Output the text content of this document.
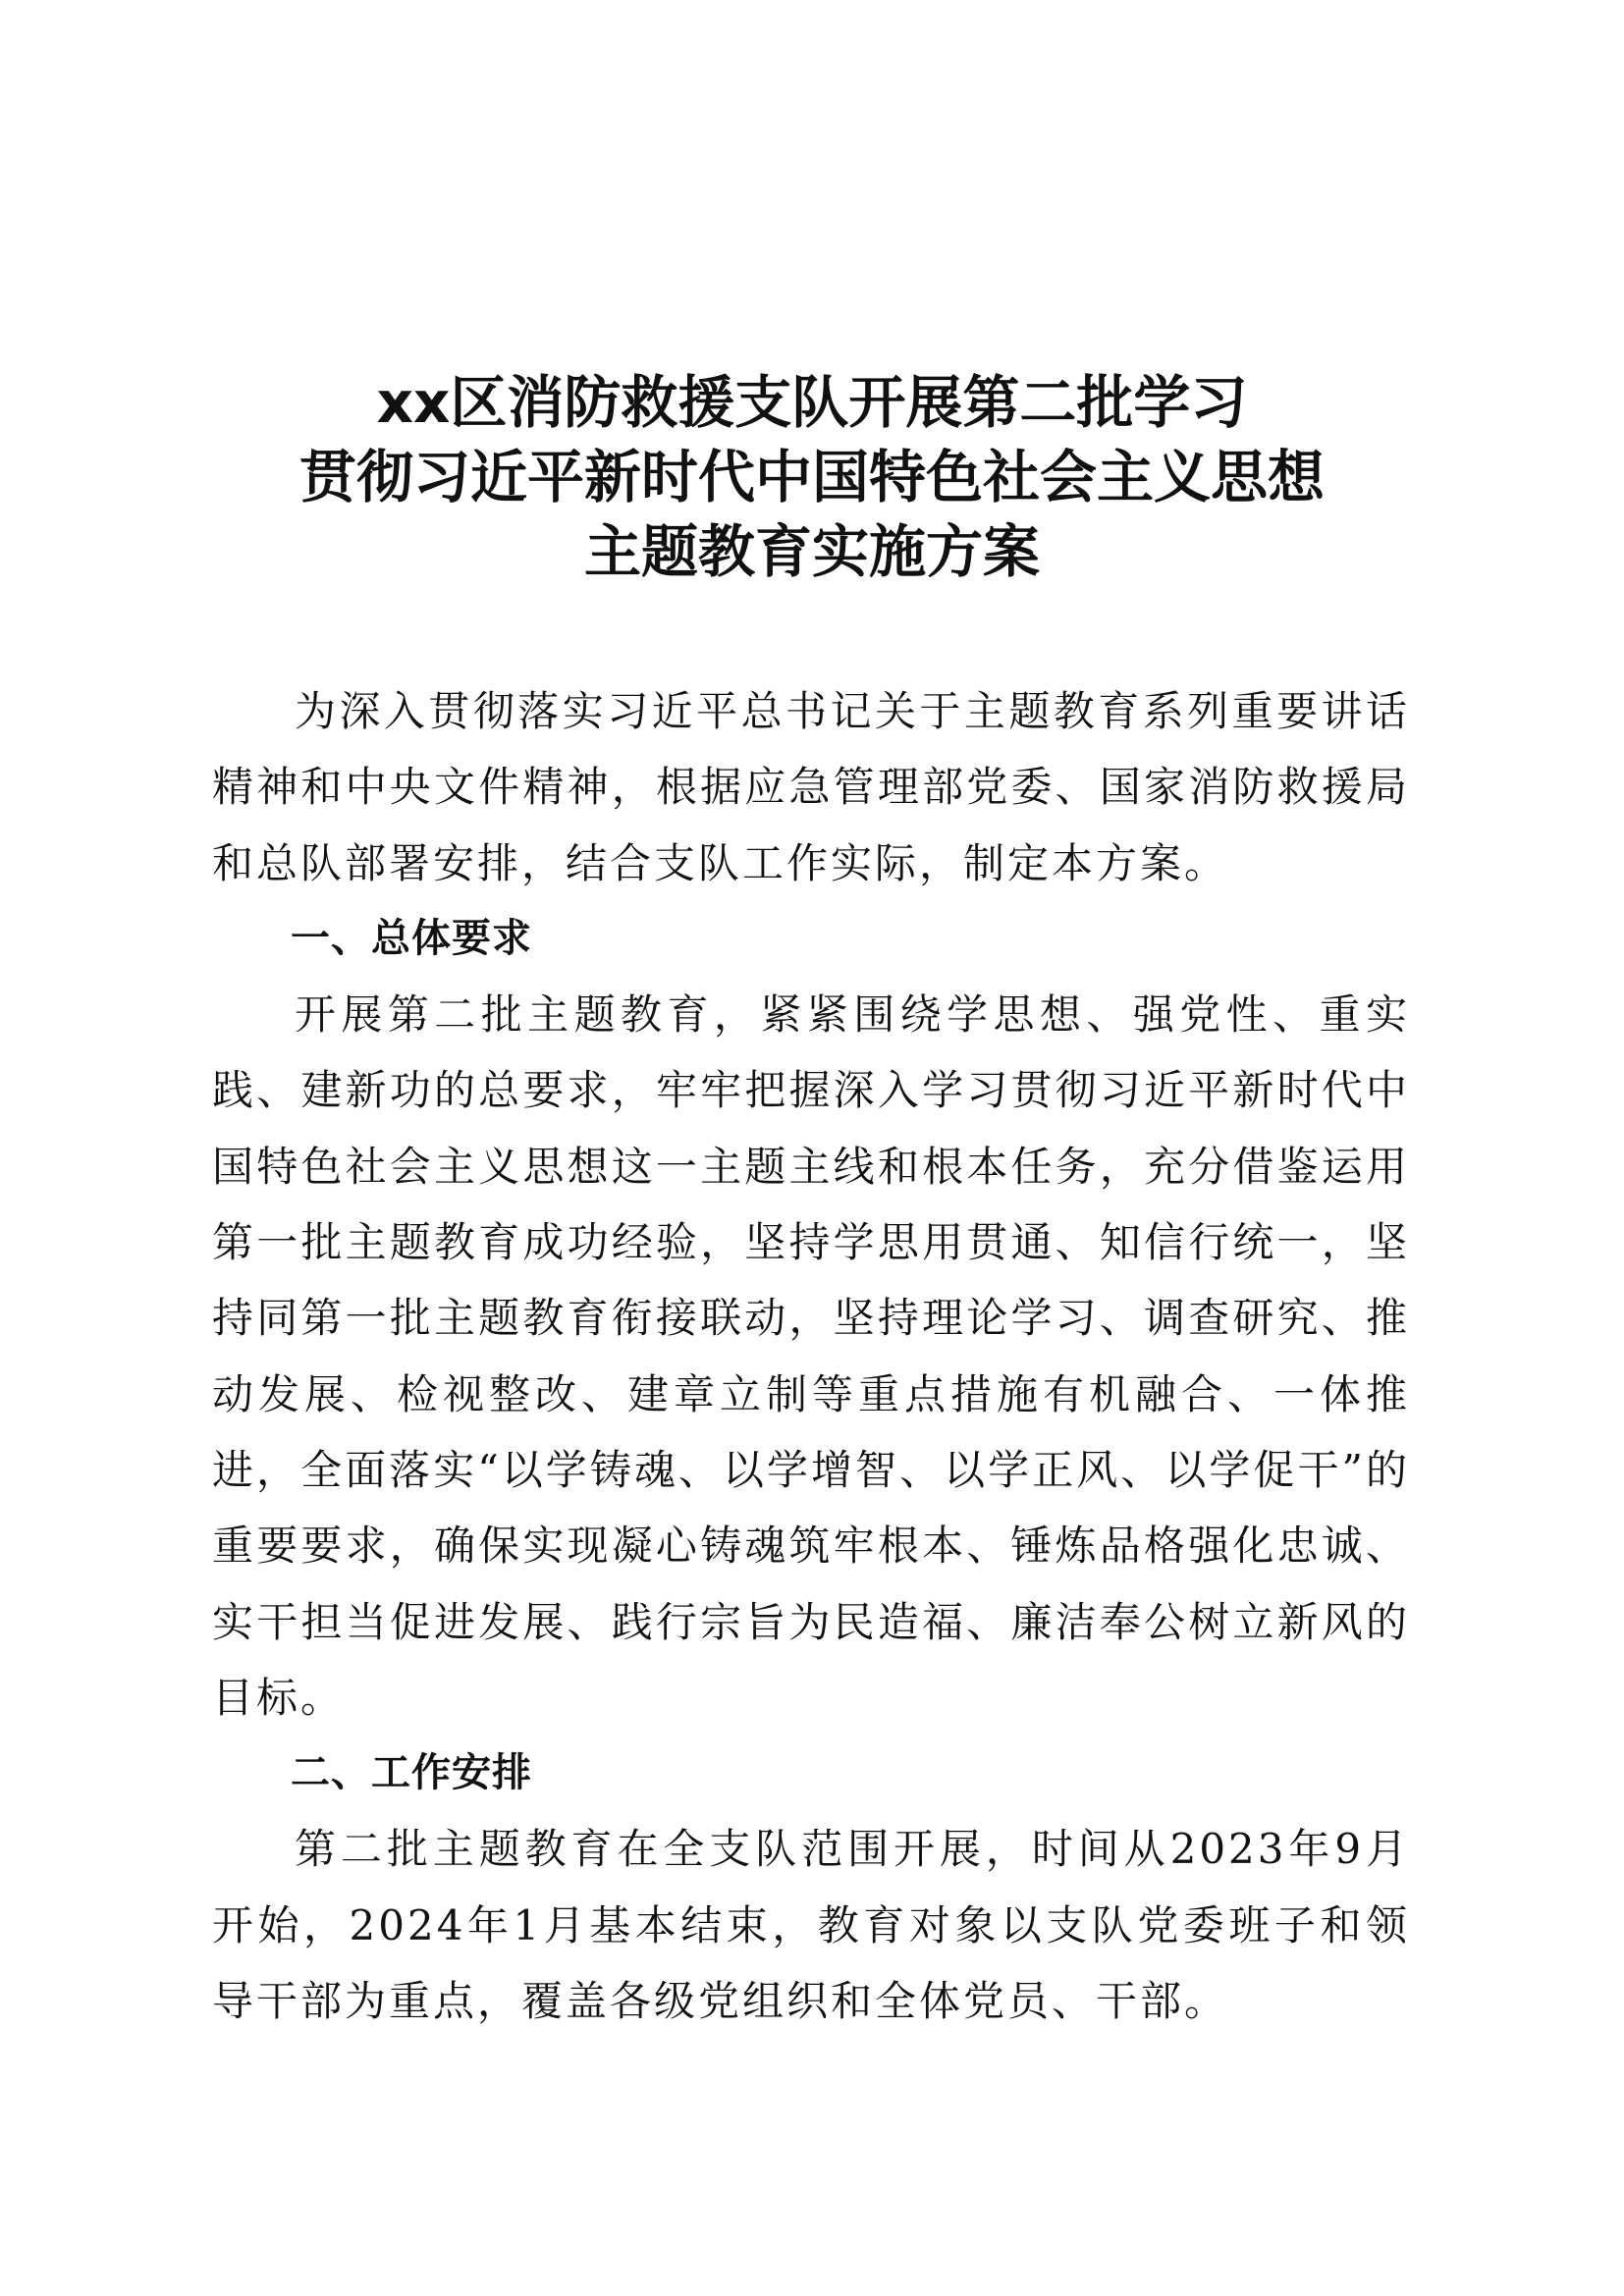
xx区消防救援支队开展第二批学习
贯彻习近平新时代中国特色社会主义思想
主题教育实施方案

为深入贯彻落实习近平总书记关于主题教育系列重要讲话精神和中央文件精神，根据应急管理部党委、国家消防救援局和总队部署安排，结合支队工作实际，制定本方案。

一、总体要求

开展第二批主题教育，紧紧围绕学思想、强党性、重实践、建新功的总要求，牢牢把握深入学习贯彻习近平新时代中国特色社会主义思想这一主题主线和根本任务，充分借鉴运用第一批主题教育成功经验，坚持学思用贯通、知信行统一，坚持同第一批主题教育衔接联动，坚持理论学习、调查研究、推动发展、检视整改、建章立制等重点措施有机融合、一体推进，全面落实“以学铸魂、以学增智、以学正风、以学促干”的重要要求，确保实现凝心铸魂筑牢根本、锤炼品格强化忠诚、实干担当促进发展、践行宗旨为民造福、廉洁奉公树立新风的目标。

二、工作安排

第二批主题教育在全支队范围开展，时间从2023年9月开始，2024年1月基本结束，教育对象以支队党委班子和领导干部为重点，覆盖各级党组织和全体党员、干部。
